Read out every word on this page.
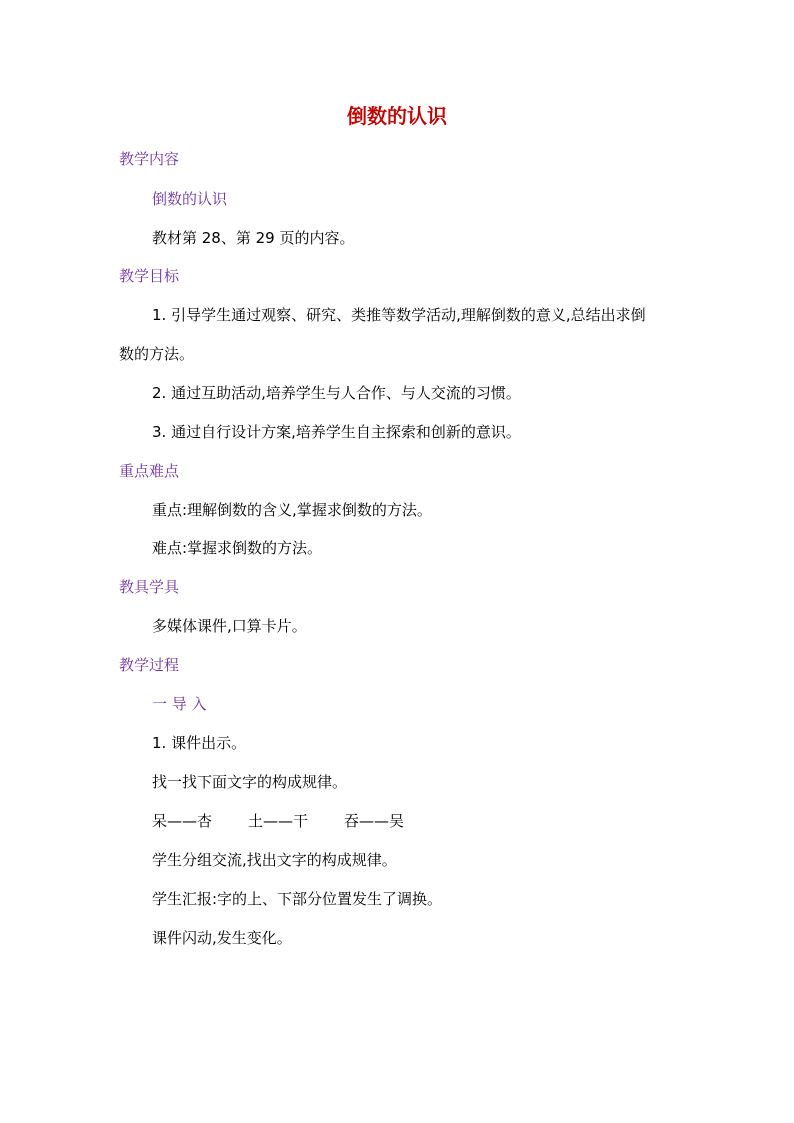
倒数的认识
教学内容
倒数的认识
教材第 28、第 29 页的内容。
教学目标
1. 引导学生通过观察、研究、类推等数学活动,理解倒数的意义,总结出求倒
数的方法。
2. 通过互助活动,培养学生与人合作、与人交流的习惯。
3. 通过自行设计方案,培养学生自主探索和创新的意识。
重点难点
重点:理解倒数的含义,掌握求倒数的方法。
难点:掌握求倒数的方法。
教具学具
多媒体课件,口算卡片。
教学过程
一 导 入
1. 课件出示。
找一找下面文字的构成规律。
呆——杏 土——干 吞——吴
学生分组交流,找出文字的构成规律。
学生汇报:字的上、下部分位置发生了调换。
课件闪动,发生变化。
